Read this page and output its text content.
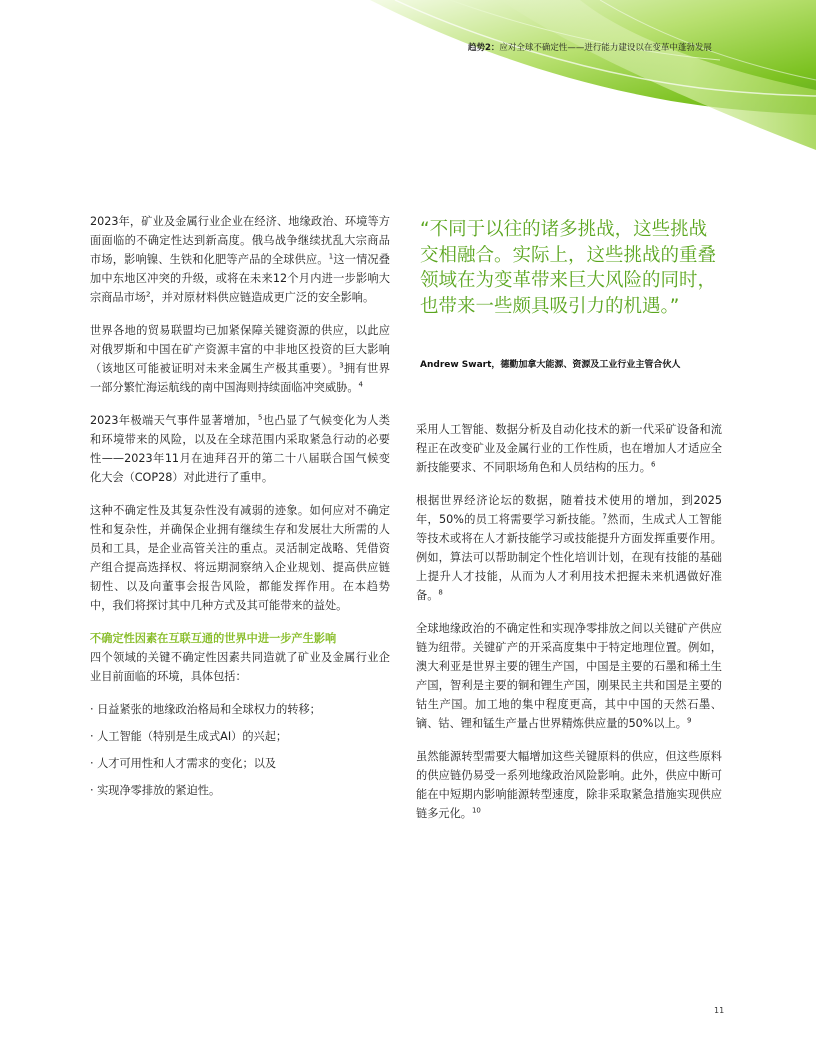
趋势2：应对全球不确定性——进行能力建设以在变革中蓬勃发展

2023年，矿业及金属行业企业在经济、地缘政治、环境等方面面临的不确定性达到新高度。俄乌战争继续扰乱大宗商品市场，影响镍、生铁和化肥等产品的全球供应。$^1$这一情况叠加中东地区冲突的升级，或将在未来12个月内进一步影响大宗商品市场$^2$，并对原材料供应链造成更广泛的安全影响。

世界各地的贸易联盟均已加紧保障关键资源的供应，以此应对俄罗斯和中国在矿产资源丰富的中非地区投资的巨大影响（该地区可能被证明对未来金属生产极其重要）。$^3$拥有世界一部分繁忙海运航线的南中国海则持续面临冲突威胁。$^4$

2023年极端天气事件显著增加，$^5$也凸显了气候变化为人类和环境带来的风险，以及在全球范围内采取紧急行动的必要性——2023年11月在迪拜召开的第二十八届联合国气候变化大会（COP28）对此进行了重申。

这种不确定性及其复杂性没有减弱的迹象。如何应对不确定性和复杂性，并确保企业拥有继续生存和发展壮大所需的人员和工具，是企业高管关注的重点。灵活制定战略、凭借资产组合提高选择权、将远期洞察纳入企业规划、提高供应链韧性、以及向董事会报告风险，都能发挥作用。在本趋势中，我们将探讨其中几种方式及其可能带来的益处。

不确定性因素在互联互通的世界中进一步产生影响

四个领域的关键不确定性因素共同造就了矿业及金属行业企业目前面临的环境，具体包括：

· 日益紧张的地缘政治格局和全球权力的转移；

· 人工智能（特别是生成式AI）的兴起；

· 人才可用性和人才需求的变化；以及

· 实现净零排放的紧迫性。

“不同于以往的诸多挑战，这些挑战交相融合。实际上，这些挑战的重叠领域在为变革带来巨大风险的同时，也带来一些颇具吸引力的机遇。”

Andrew Swart，德勤加拿大能源、资源及工业行业主管合伙人

采用人工智能、数据分析及自动化技术的新一代采矿设备和流程正在改变矿业及金属行业的工作性质，也在增加人才适应全新技能要求、不同职场角色和人员结构的压力。$^6$

根据世界经济论坛的数据，随着技术使用的增加，到2025年，50%的员工将需要学习新技能。$^7$然而，生成式人工智能等技术或将在人才新技能学习或技能提升方面发挥重要作用。例如，算法可以帮助制定个性化培训计划，在现有技能的基础上提升人才技能，从而为人才利用技术把握未来机遇做好准备。$^8$

全球地缘政治的不确定性和实现净零排放之间以关键矿产供应链为纽带。关键矿产的开采高度集中于特定地理位置。例如，澳大利亚是世界主要的锂生产国，中国是主要的石墨和稀土生产国，智利是主要的铜和锂生产国，刚果民主共和国是主要的钴生产国。加工地的集中程度更高，其中中国的天然石墨、镝、钴、锂和锰生产量占世界精炼供应量的50%以上。$^9$

虽然能源转型需要大幅增加这些关键原料的供应，但这些原料的供应链仍易受一系列地缘政治风险影响。此外，供应中断可能在中短期内影响能源转型速度，除非采取紧急措施实现供应链多元化。$^{10}$

11
